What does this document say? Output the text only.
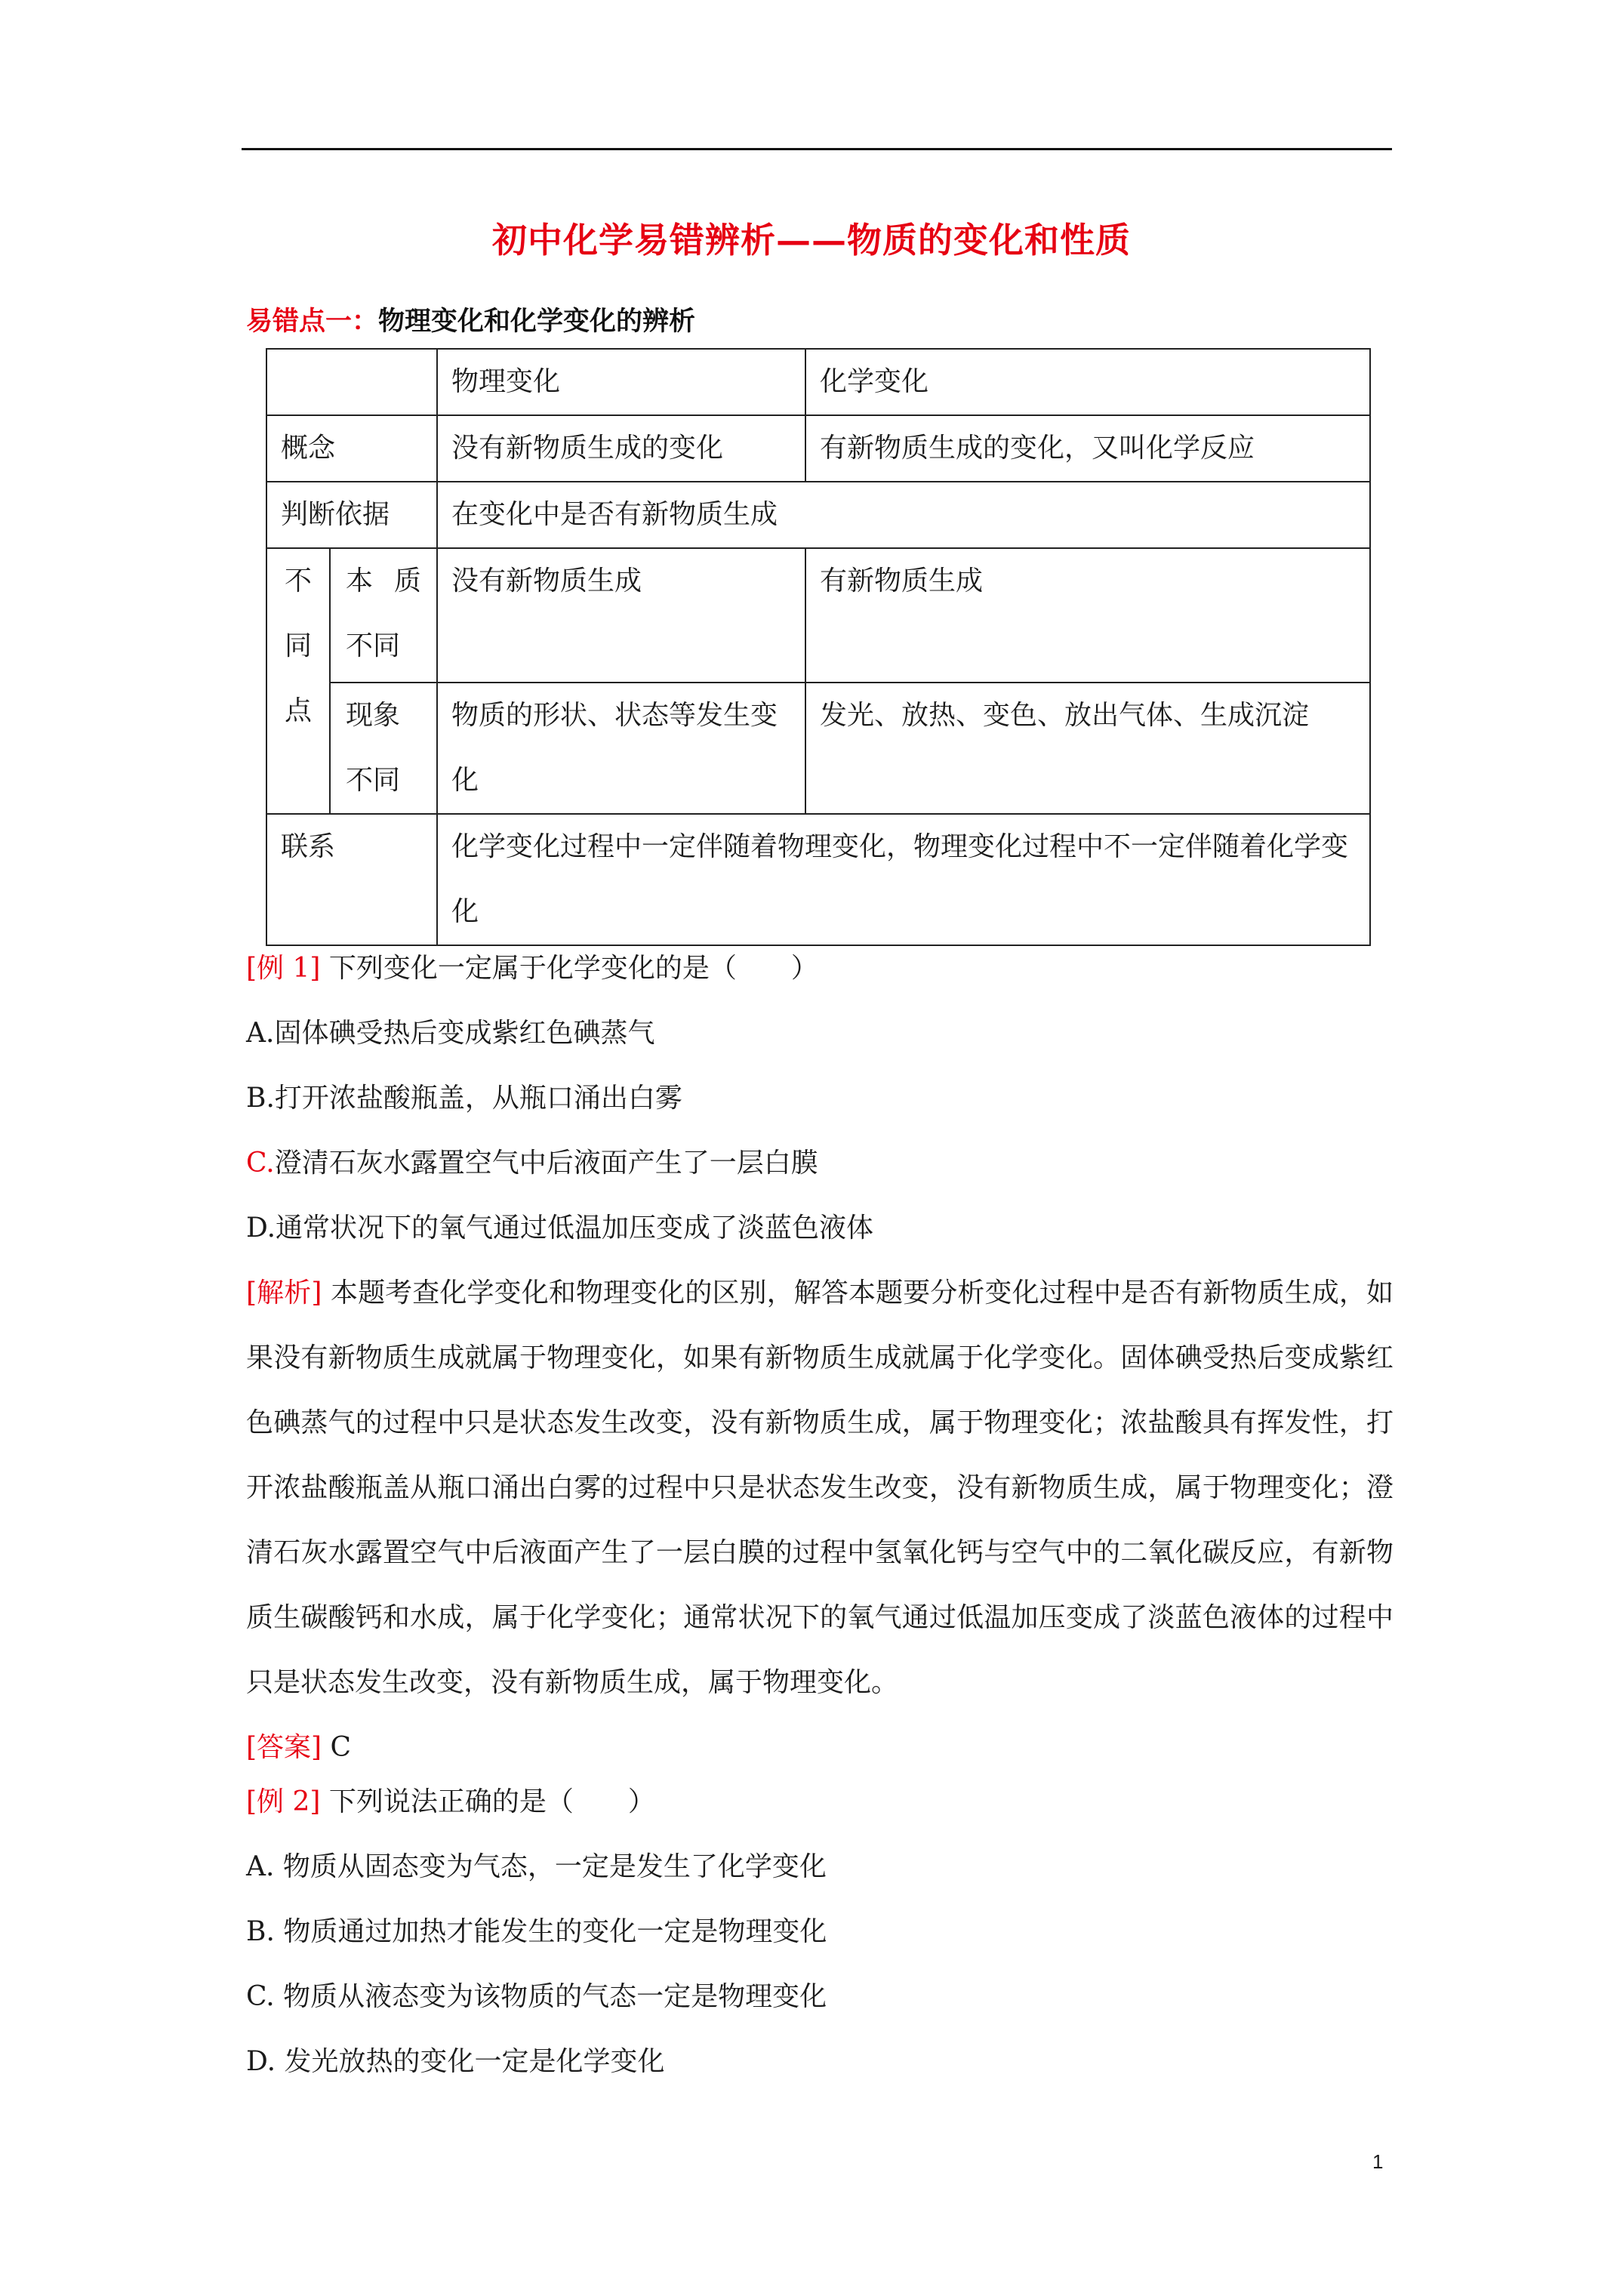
初中化学易错辨析——物质的变化和性质
易错点一：物理变化和化学变化的辨析
		物理变化	化学变化
概念		没有新物质生成的变化	有新物质生成的变化，又叫化学反应
判断依据		在变化中是否有新物质生成	

不同点	本质不同	没有新物质生成	有新物质生成

	现象不同	物质的形状、状态等发生变化	发光、放热、变色、放出气体、生成沉淀
联系		化学变化过程中一定伴随着物理变化，物理变化过程中不一定伴随着化学变化	
[例 1] 下列变化一定属于化学变化的是（　　）
A.固体碘受热后变成紫红色碘蒸气
B.打开浓盐酸瓶盖，从瓶口涌出白雾
C.澄清石灰水露置空气中后液面产生了一层白膜
D.通常状况下的氧气通过低温加压变成了淡蓝色液体
[解析] 本题考查化学变化和物理变化的区别，解答本题要分析变化过程中是否有新物质生成，如果没有新物质生成就属于物理变化，如果有新物质生成就属于化学变化。固体碘受热后变成紫红色碘蒸气的过程中只是状态发生改变，没有新物质生成，属于物理变化；浓盐酸具有挥发性，打开浓盐酸瓶盖从瓶口涌出白雾的过程中只是状态发生改变，没有新物质生成，属于物理变化；澄清石灰水露置空气中后液面产生了一层白膜的过程中氢氧化钙与空气中的二氧化碳反应，有新物质生碳酸钙和水成，属于化学变化；通常状况下的氧气通过低温加压变成了淡蓝色液体的过程中只是状态发生改变，没有新物质生成，属于物理变化。
[答案] C
[例 2] 下列说法正确的是（　　）
A. 物质从固态变为气态，一定是发生了化学变化
B. 物质通过加热才能发生的变化一定是物理变化
C. 物质从液态变为该物质的气态一定是物理变化
D. 发光放热的变化一定是化学变化
1
